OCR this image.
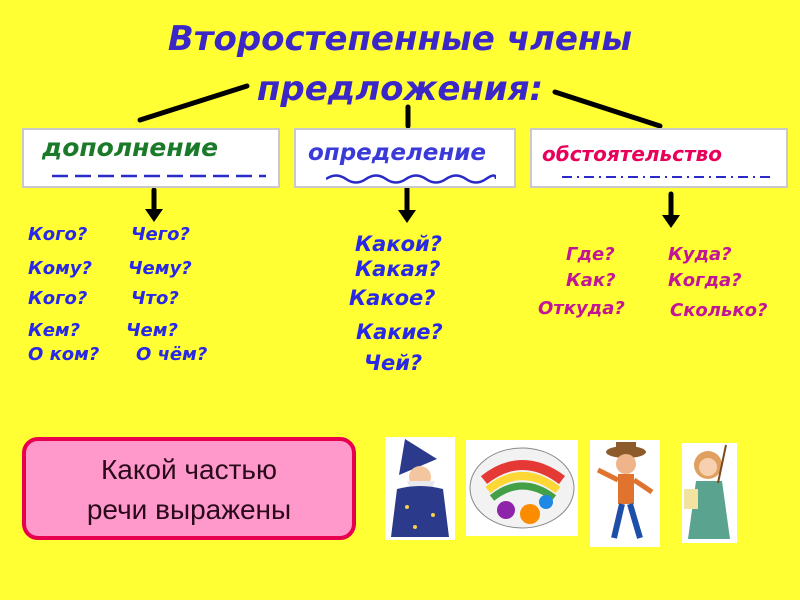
Второстепенные члены
предложения:
дополнение	определение	обстоятельство
Кого? Чего?
Кому? Чему?
Кого? Что?
Кем?	Чем?
О ком? О чём?
Какой?
Какая?
Какое?
Какие?
Чей?
Где?	Куда?
Как?	Когда?
Откуда?	Сколько?
Какой частью
речи выражены
